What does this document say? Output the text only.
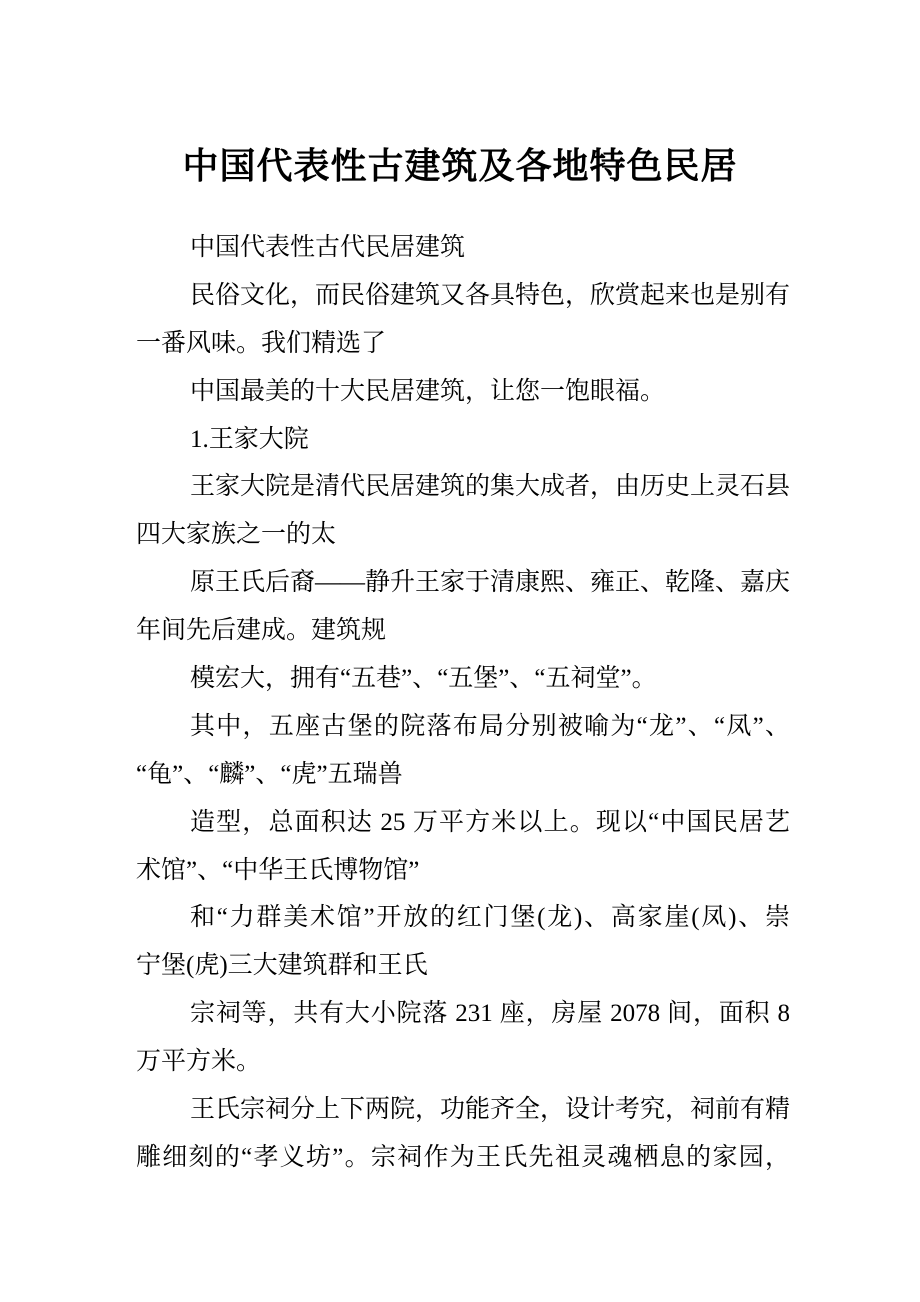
中国代表性古建筑及各地特色民居
中国代表性古代民居建筑
民俗文化，而民俗建筑又各具特色，欣赏起来也是别有
一番风味。我们精选了
中国最美的十大民居建筑，让您一饱眼福。
1.王家大院
王家大院是清代民居建筑的集大成者，由历史上灵石县
四大家族之一的太
原王氏后裔——静升王家于清康熙、雍正、乾隆、嘉庆
年间先后建成。建筑规
模宏大，拥有“五巷”、“五堡”、“五祠堂”。
其中，五座古堡的院落布局分别被喻为“龙”、“凤”、
“龟”、“麟”、“虎”五瑞兽
造型，总面积达 25 万平方米以上。现以“中国民居艺
术馆”、“中华王氏博物馆”
和“力群美术馆”开放的红门堡(龙)、高家崖(凤)、崇
宁堡(虎)三大建筑群和王氏
宗祠等，共有大小院落 231 座，房屋 2078 间，面积 8
万平方米。
王氏宗祠分上下两院，功能齐全，设计考究，祠前有精
雕细刻的“孝义坊”。宗祠作为王氏先祖灵魂栖息的家园，
